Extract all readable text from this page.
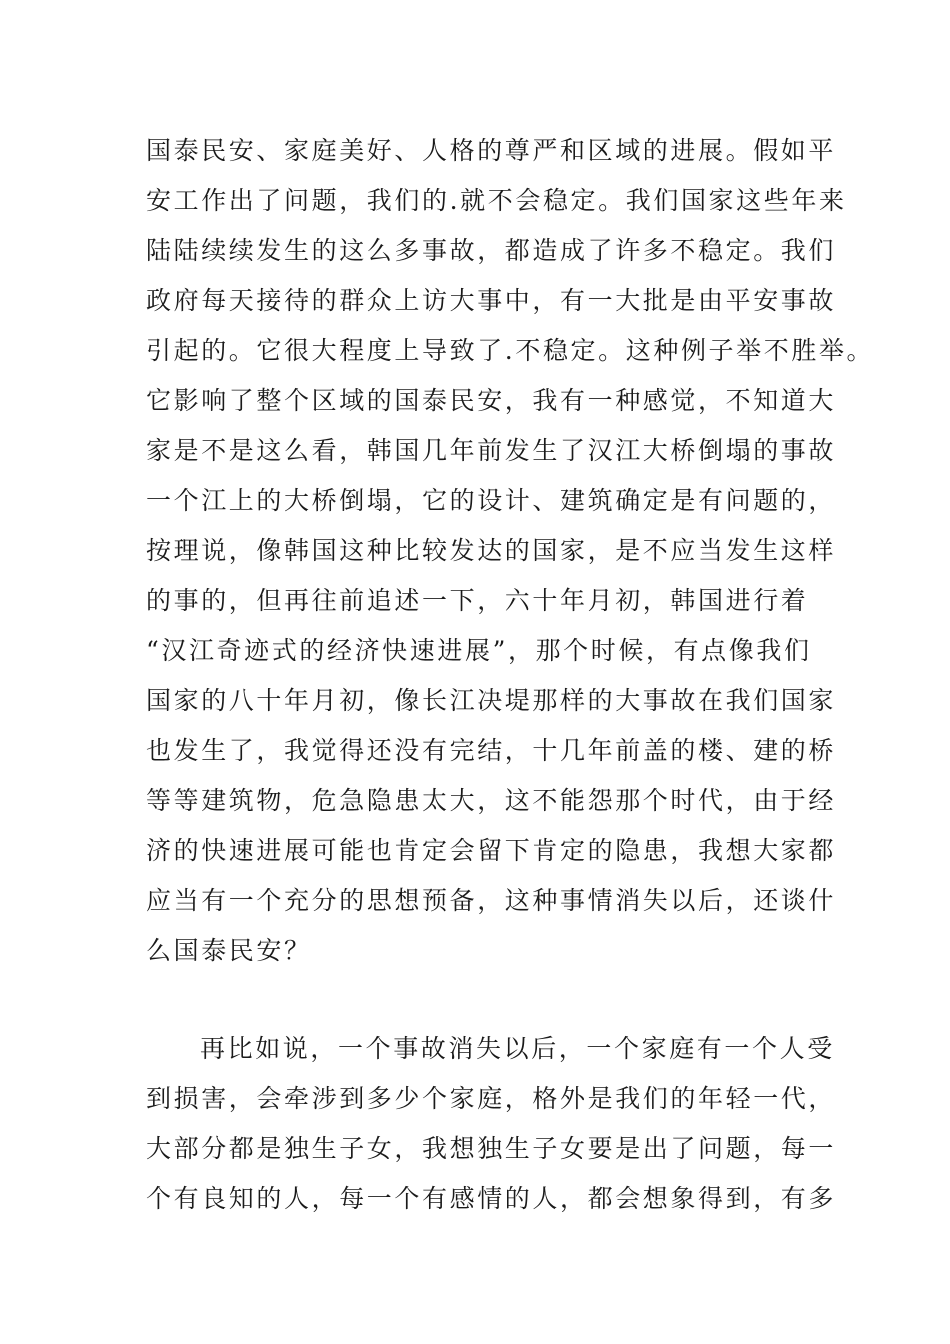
国泰民安、家庭美好、人格的尊严和区域的进展。假如平
安工作出了问题，我们的.就不会稳定。我们国家这些年来
陆陆续续发生的这么多事故，都造成了许多不稳定。我们
政府每天接待的群众上访大事中，有一大批是由平安事故
引起的。它很大程度上导致了.不稳定。这种例子举不胜举。
它影响了整个区域的国泰民安，我有一种感觉，不知道大
家是不是这么看，韩国几年前发生了汉江大桥倒塌的事故
一个江上的大桥倒塌，它的设计、建筑确定是有问题的，
按理说，像韩国这种比较发达的国家，是不应当发生这样
的事的，但再往前追述一下，六十年月初，韩国进行着
“汉江奇迹式的经济快速进展”，那个时候，有点像我们
国家的八十年月初，像长江决堤那样的大事故在我们国家
也发生了，我觉得还没有完结，十几年前盖的楼、建的桥
等等建筑物，危急隐患太大，这不能怨那个时代，由于经
济的快速进展可能也肯定会留下肯定的隐患，我想大家都
应当有一个充分的思想预备，这种事情消失以后，还谈什
么国泰民安？
再比如说，一个事故消失以后，一个家庭有一个人受
到损害，会牵涉到多少个家庭，格外是我们的年轻一代，
大部分都是独生子女，我想独生子女要是出了问题，每一
个有良知的人，每一个有感情的人，都会想象得到，有多
